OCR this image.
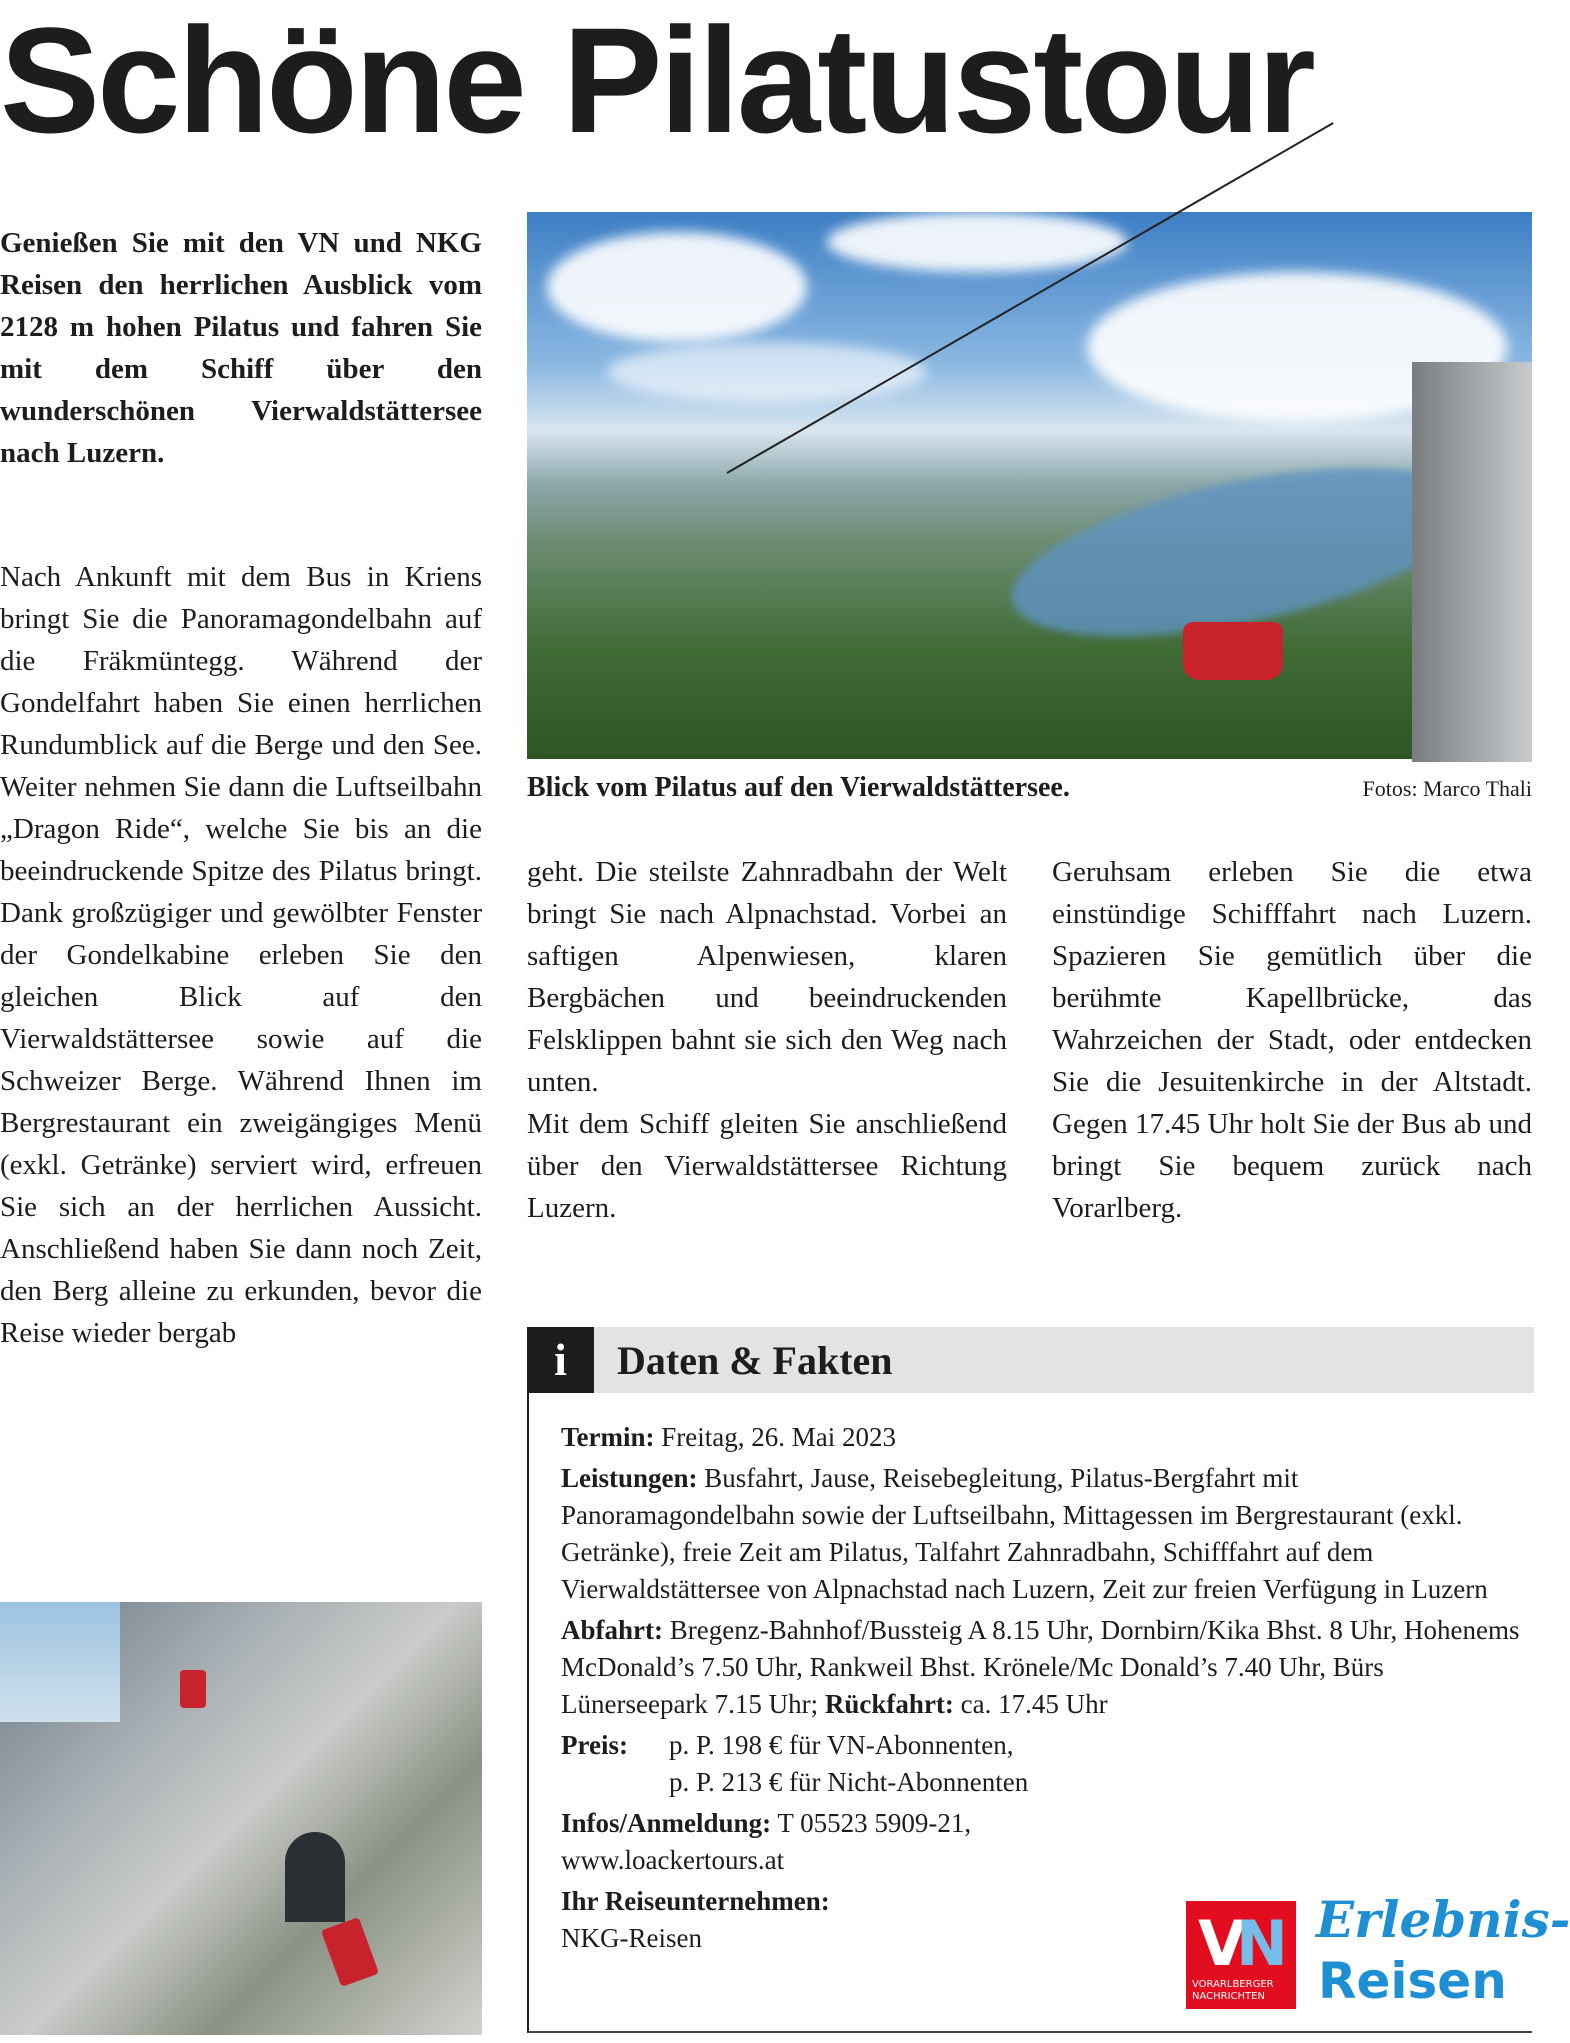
Schöne Pilatustour

Genießen Sie mit den VN und NKG Reisen den herrlichen Ausblick vom 2128 m hohen Pilatus und fahren Sie mit dem Schiff über den wunderschönen Vierwaldstättersee nach Luzern.

Nach Ankunft mit dem Bus in Kriens bringt Sie die Panoramagondelbahn auf die Fräkmüntegg. Während der Gondelfahrt haben Sie einen herrlichen Rundumblick auf die Berge und den See. Weiter nehmen Sie dann die Luftseilbahn „Dragon Ride“, welche Sie bis an die beeindruckende Spitze des Pilatus bringt. Dank großzügiger und gewölbter Fenster der Gondelkabine erleben Sie den gleichen Blick auf den Vierwaldstättersee sowie auf die Schweizer Berge. Während Ihnen im Bergrestaurant ein zweigängiges Menü (exkl. Getränke) serviert wird, erfreuen Sie sich an der herrlichen Aussicht. Anschließend haben Sie dann noch Zeit, den Berg alleine zu erkunden, bevor die Reise wieder bergab

Blick vom Pilatus auf den Vierwaldstättersee.	Fotos: Marco Thali

geht. Die steilste Zahnradbahn der Welt bringt Sie nach Alpnachstad. Vorbei an saftigen Alpenwiesen, klaren Bergbächen und beeindruckenden Felsklippen bahnt sie sich den Weg nach unten.

Mit dem Schiff gleiten Sie anschließend über den Vierwaldstättersee Richtung Luzern.

Geruhsam erleben Sie die etwa einstündige Schifffahrt nach Luzern. Spazieren Sie gemütlich über die berühmte Kapellbrücke, das Wahrzeichen der Stadt, oder entdecken Sie die Jesuitenkirche in der Altstadt. Gegen 17.45 Uhr holt Sie der Bus ab und bringt Sie bequem zurück nach Vorarlberg.

i	Daten & Fakten

Termin: Freitag, 26. Mai 2023

Leistungen: Busfahrt, Jause, Reisebegleitung, Pilatus-Bergfahrt mit Panoramagondelbahn sowie der Luftseilbahn, Mittagessen im Bergrestaurant (exkl. Getränke), freie Zeit am Pilatus, Talfahrt Zahnradbahn, Schifffahrt auf dem Vierwaldstättersee von Alpnachstad nach Luzern, Zeit zur freien Verfügung in Luzern

Abfahrt: Bregenz-Bahnhof/Bussteig A 8.15 Uhr, Dornbirn/Kika Bhst. 8 Uhr, Hohenems McDonald’s 7.50 Uhr, Rankweil Bhst. Krönele/Mc Donald’s 7.40 Uhr, Bürs Lünerseepark 7.15 Uhr; Rückfahrt: ca. 17.45 Uhr

Preis:	p. P. 198 € für VN-Abonnenten,
p. P. 213 € für Nicht-Abonnenten

Infos/Anmeldung: T 05523 5909-21,
www.loackertours.at

Ihr Reiseunternehmen:
NKG-Reisen	V
N
VORARLBERGER NACHRICHTEN
Erlebnis-
Reisen
